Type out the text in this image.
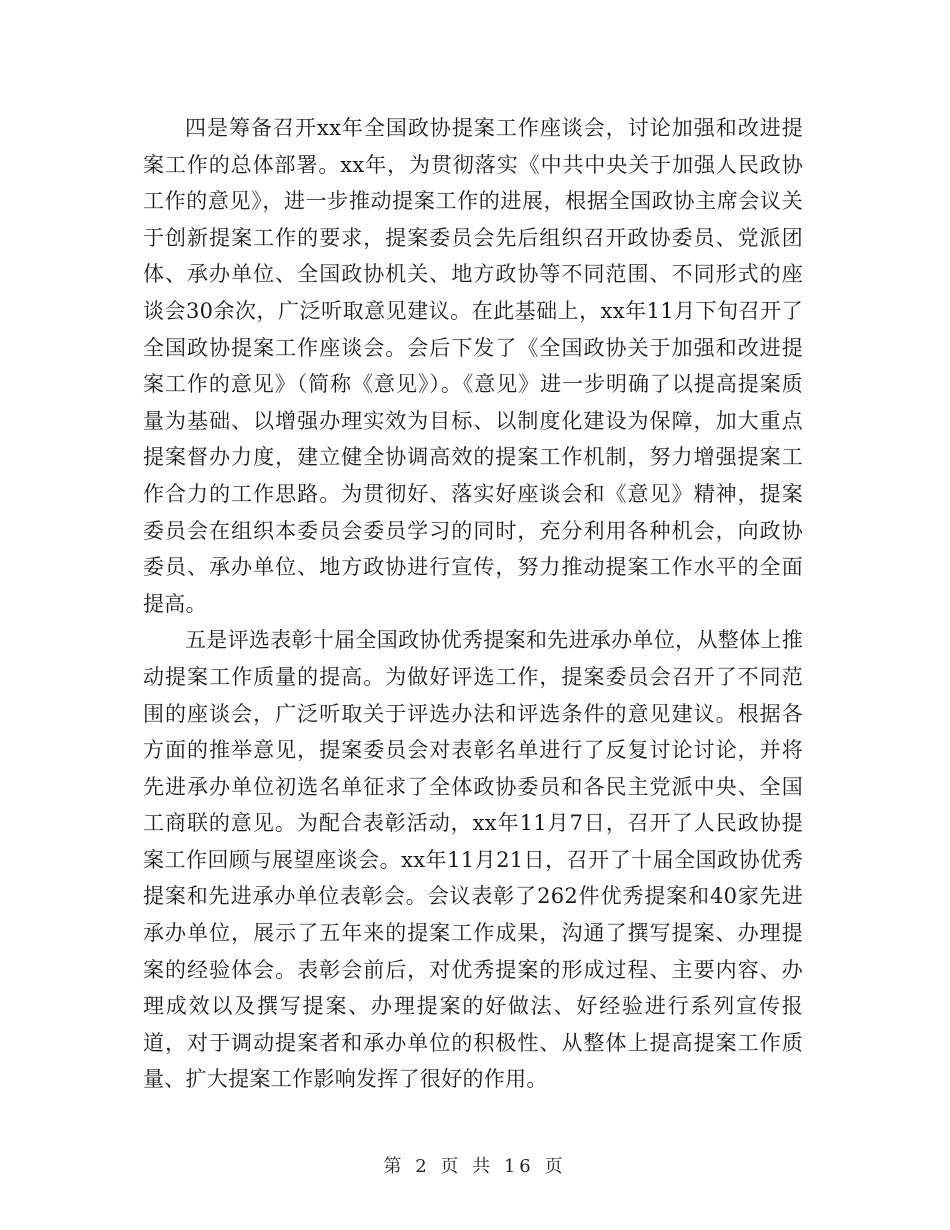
四是筹备召开xx年全国政协提案工作座谈会，讨论加强和改进提案工作的总体部署。xx年，为贯彻落实《中共中央关于加强人民政协工作的意见》，进一步推动提案工作的进展，根据全国政协主席会议关于创新提案工作的要求，提案委员会先后组织召开政协委员、党派团体、承办单位、全国政协机关、地方政协等不同范围、不同形式的座谈会30余次，广泛听取意见建议。在此基础上，xx年11月下旬召开了全国政协提案工作座谈会。会后下发了《全国政协关于加强和改进提案工作的意见》（简称《意见》）。《意见》进一步明确了以提高提案质量为基础、以增强办理实效为目标、以制度化建设为保障，加大重点提案督办力度，建立健全协调高效的提案工作机制，努力增强提案工作合力的工作思路。为贯彻好、落实好座谈会和《意见》精神，提案委员会在组织本委员会委员学习的同时，充分利用各种机会，向政协委员、承办单位、地方政协进行宣传，努力推动提案工作水平的全面提高。

五是评选表彰十届全国政协优秀提案和先进承办单位，从整体上推动提案工作质量的提高。为做好评选工作，提案委员会召开了不同范围的座谈会，广泛听取关于评选办法和评选条件的意见建议。根据各方面的推举意见，提案委员会对表彰名单进行了反复讨论讨论，并将先进承办单位初选名单征求了全体政协委员和各民主党派中央、全国工商联的意见。为配合表彰活动，xx年11月7日，召开了人民政协提案工作回顾与展望座谈会。xx年11月21日，召开了十届全国政协优秀提案和先进承办单位表彰会。会议表彰了262件优秀提案和40家先进承办单位，展示了五年来的提案工作成果，沟通了撰写提案、办理提案的经验体会。表彰会前后，对优秀提案的形成过程、主要内容、办理成效以及撰写提案、办理提案的好做法、好经验进行系列宣传报道，对于调动提案者和承办单位的积极性、从整体上提高提案工作质量、扩大提案工作影响发挥了很好的作用。

第 2 页 共 16 页
